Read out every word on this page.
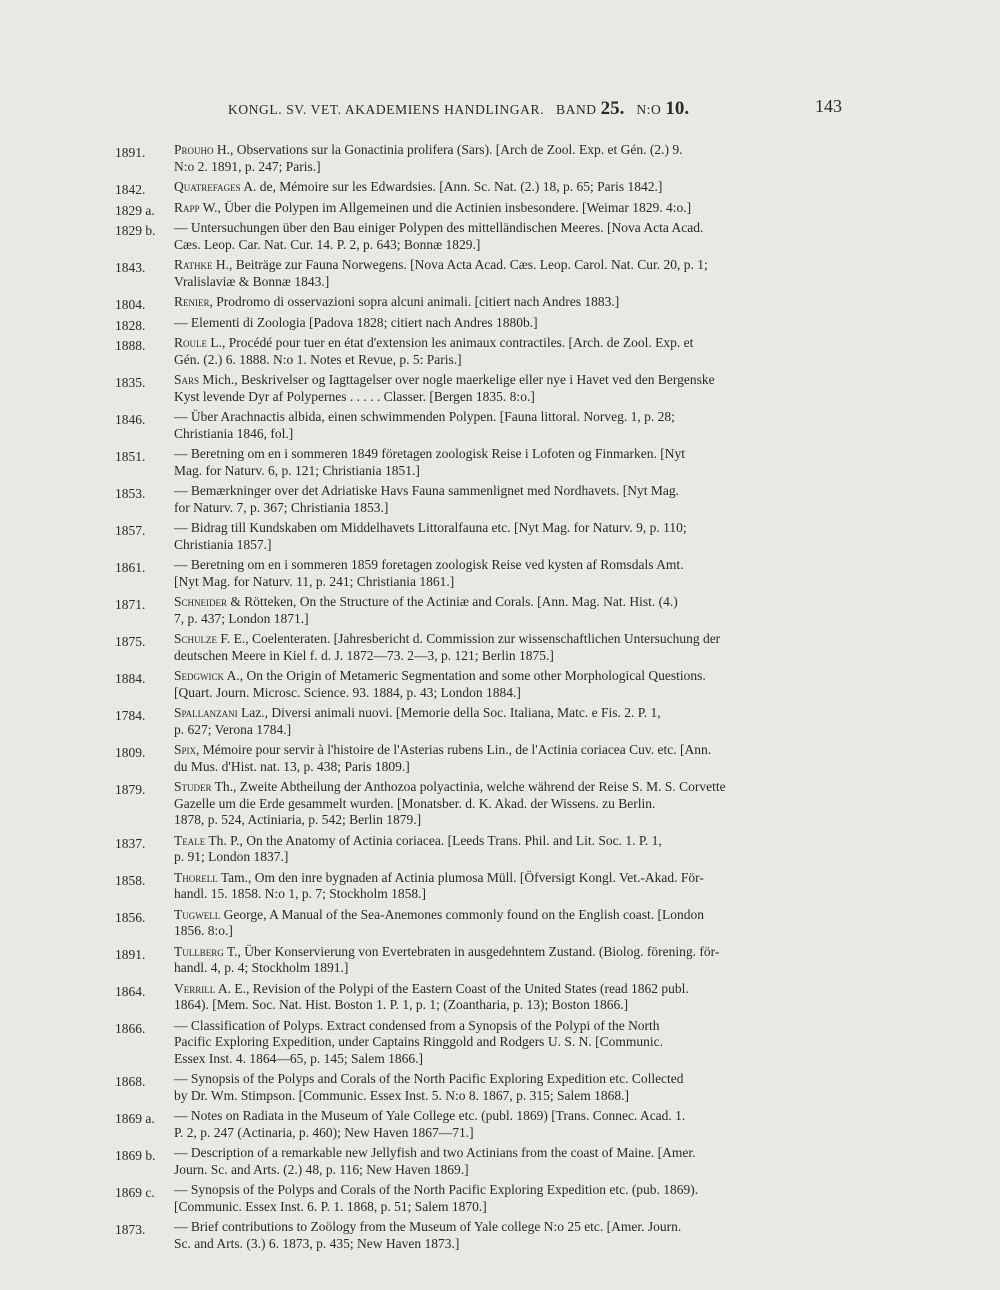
KONGL. SV. VET. AKADEMIENS HANDLINGAR. BAND 25. N:O 10.	143
1891.	Prouho H., Observations sur la Gonactinia prolifera (Sars). [Arch de Zool. Exp. et Gén. (2.) 9.
N:o 2. 1891, p. 247; Paris.]
1842.	Quatrefages A. de, Mémoire sur les Edwardsies. [Ann. Sc. Nat. (2.) 18, p. 65; Paris 1842.]
1829 a.	Rapp W., Über die Polypen im Allgemeinen und die Actinien insbesondere. [Weimar 1829. 4:o.]
1829 b.	— Untersuchungen über den Bau einiger Polypen des mittelländischen Meeres. [Nova Acta Acad.
Cæs. Leop. Car. Nat. Cur. 14. P. 2, p. 643; Bonnæ 1829.]
1843.	Rathke H., Beiträge zur Fauna Norwegens. [Nova Acta Acad. Cæs. Leop. Carol. Nat. Cur. 20, p. 1;
Vralislaviæ & Bonnæ 1843.]
1804.	Renier, Prodromo di osservazioni sopra alcuni animali. [citiert nach Andres 1883.]
1828.	— Elementi di Zoologia [Padova 1828; citiert nach Andres 1880b.]
1888.	Roule L., Procédé pour tuer en état d'extension les animaux contractiles. [Arch. de Zool. Exp. et
Gén. (2.) 6. 1888. N:o 1. Notes et Revue, p. 5: Paris.]
1835.	Sars Mich., Beskrivelser og Iagttagelser over nogle maerkelige eller nye i Havet ved den Bergenske
Kyst levende Dyr af Polypernes . . . . . Classer. [Bergen 1835. 8:o.]
1846.	— Über Arachnactis albida, einen schwimmenden Polypen. [Fauna littoral. Norveg. 1, p. 28;
Christiania 1846, fol.]
1851.	— Beretning om en i sommeren 1849 företagen zoologisk Reise i Lofoten og Finmarken. [Nyt
Mag. for Naturv. 6, p. 121; Christiania 1851.]
1853.	— Bemærkninger over det Adriatiske Havs Fauna sammenlignet med Nordhavets. [Nyt Mag.
for Naturv. 7, p. 367; Christiania 1853.]
1857.	— Bidrag till Kundskaben om Middelhavets Littoralfauna etc. [Nyt Mag. for Naturv. 9, p. 110;
Christiania 1857.]
1861.	— Beretning om en i sommeren 1859 foretagen zoologisk Reise ved kysten af Romsdals Amt.
[Nyt Mag. for Naturv. 11, p. 241; Christiania 1861.]
1871.	Schneider & Rötteken, On the Structure of the Actiniæ and Corals. [Ann. Mag. Nat. Hist. (4.)
7, p. 437; London 1871.]
1875.	Schulze F. E., Coelenteraten. [Jahresbericht d. Commission zur wissenschaftlichen Untersuchung der
deutschen Meere in Kiel f. d. J. 1872—73. 2—3, p. 121; Berlin 1875.]
1884.	Sedgwick A., On the Origin of Metameric Segmentation and some other Morphological Questions.
[Quart. Journ. Microsc. Science. 93. 1884, p. 43; London 1884.]
1784.	Spallanzani Laz., Diversi animali nuovi. [Memorie della Soc. Italiana, Matc. e Fis. 2. P. 1,
p. 627; Verona 1784.]
1809.	Spix, Mémoire pour servir à l'histoire de l'Asterias rubens Lin., de l'Actinia coriacea Cuv. etc. [Ann.
du Mus. d'Hist. nat. 13, p. 438; Paris 1809.]
1879.	Studer Th., Zweite Abtheilung der Anthozoa polyactinia, welche während der Reise S. M. S. Corvette
Gazelle um die Erde gesammelt wurden. [Monatsber. d. K. Akad. der Wissens. zu Berlin.
1878, p. 524, Actiniaria, p. 542; Berlin 1879.]
1837.	Teale Th. P., On the Anatomy of Actinia coriacea. [Leeds Trans. Phil. and Lit. Soc. 1. P. 1,
p. 91; London 1837.]
1858.	Thorell Tam., Om den inre bygnaden af Actinia plumosa Müll. [Öfversigt Kongl. Vet.-Akad. För-
handl. 15. 1858. N:o 1, p. 7; Stockholm 1858.]
1856.	Tugwell George, A Manual of the Sea-Anemones commonly found on the English coast. [London
1856. 8:o.]
1891.	Tullberg T., Über Konservierung von Evertebraten in ausgedehntem Zustand. (Biolog. förening. för-
handl. 4, p. 4; Stockholm 1891.]
1864.	Verrill A. E., Revision of the Polypi of the Eastern Coast of the United States (read 1862 publ.
1864). [Mem. Soc. Nat. Hist. Boston 1. P. 1, p. 1; (Zoantharia, p. 13); Boston 1866.]
1866.	— Classification of Polyps. Extract condensed from a Synopsis of the Polypi of the North
Pacific Exploring Expedition, under Captains Ringgold and Rodgers U. S. N. [Communic.
Essex Inst. 4. 1864—65, p. 145; Salem 1866.]
1868.	— Synopsis of the Polyps and Corals of the North Pacific Exploring Expedition etc. Collected
by Dr. Wm. Stimpson. [Communic. Essex Inst. 5. N:o 8. 1867, p. 315; Salem 1868.]
1869 a.	— Notes on Radiata in the Museum of Yale College etc. (publ. 1869) [Trans. Connec. Acad. 1.
P. 2, p. 247 (Actinaria, p. 460); New Haven 1867—71.]
1869 b.	— Description of a remarkable new Jellyfish and two Actinians from the coast of Maine. [Amer.
Journ. Sc. and Arts. (2.) 48, p. 116; New Haven 1869.]
1869 c.	— Synopsis of the Polyps and Corals of the North Pacific Exploring Expedition etc. (pub. 1869).
[Communic. Essex Inst. 6. P. 1. 1868, p. 51; Salem 1870.]
1873.	— Brief contributions to Zoölogy from the Museum of Yale college N:o 25 etc. [Amer. Journ.
Sc. and Arts. (3.) 6. 1873, p. 435; New Haven 1873.]
